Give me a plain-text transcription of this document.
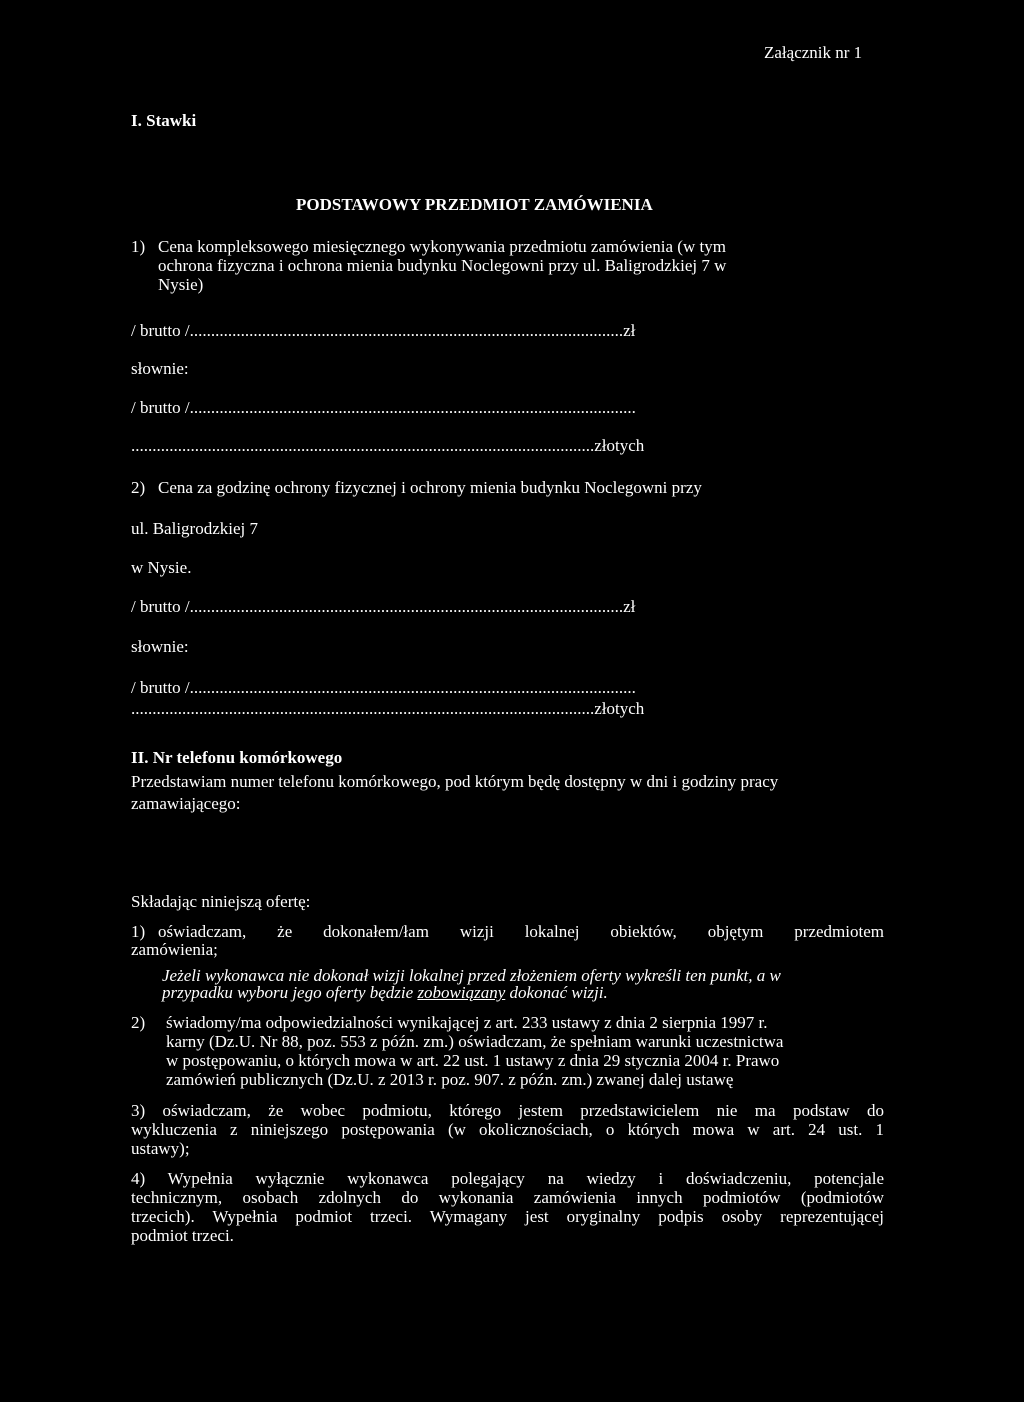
Załącznik nr 1
I. Stawki
PODSTAWOWY PRZEDMIOT ZAMÓWIENIA
1) Cena kompleksowego miesięcznego wykonywania przedmiotu zamówienia (w tym
ochrona fizyczna i ochrona mienia budynku Noclegowni przy ul. Baligrodzkiej 7 w
Nysie)
/ brutto /......................................................................................................zł
słownie:
/ brutto /.........................................................................................................
.............................................................................................................złotych
2) Cena za godzinę ochrony fizycznej i ochrony mienia budynku Noclegowni przy
ul. Baligrodzkiej 7
w Nysie.
/ brutto /......................................................................................................zł
słownie:
/ brutto /.........................................................................................................
.............................................................................................................złotych
II. Nr telefonu komórkowego
Przedstawiam numer telefonu komórkowego, pod którym będę dostępny w dni i godziny pracy
zamawiającego:
Składając niniejszą ofertę:
1) oświadczam, że dokonałem/łam wizji lokalnej obiektów, objętym przedmiotem
zamówienia;
Jeżeli wykonawca nie dokonał wizji lokalnej przed złożeniem oferty wykreśli ten punkt, a w
przypadku wyboru jego oferty będzie zobowiązany dokonać wizji.
2) świadomy/ma odpowiedzialności wynikającej z art. 233 ustawy z dnia 2 sierpnia 1997 r.
karny (Dz.U. Nr 88, poz. 553 z późn. zm.) oświadczam, że spełniam warunki uczestnictwa
w postępowaniu, o których mowa w art. 22 ust. 1 ustawy z dnia 29 stycznia 2004 r. Prawo
zamówień publicznych (Dz.U. z 2013 r. poz. 907. z późn. zm.) zwanej dalej ustawę
3) oświadczam, że wobec podmiotu, którego jestem przedstawicielem nie ma podstaw do
wykluczenia z niniejszego postępowania (w okolicznościach, o których mowa w art. 24 ust. 1
ustawy);
4) Wypełnia wyłącznie wykonawca polegający na wiedzy i doświadczeniu, potencjale
technicznym, osobach zdolnych do wykonania zamówienia innych podmiotów (podmiotów
trzecich). Wypełnia podmiot trzeci. Wymagany jest oryginalny podpis osoby reprezentującej
podmiot trzeci.
